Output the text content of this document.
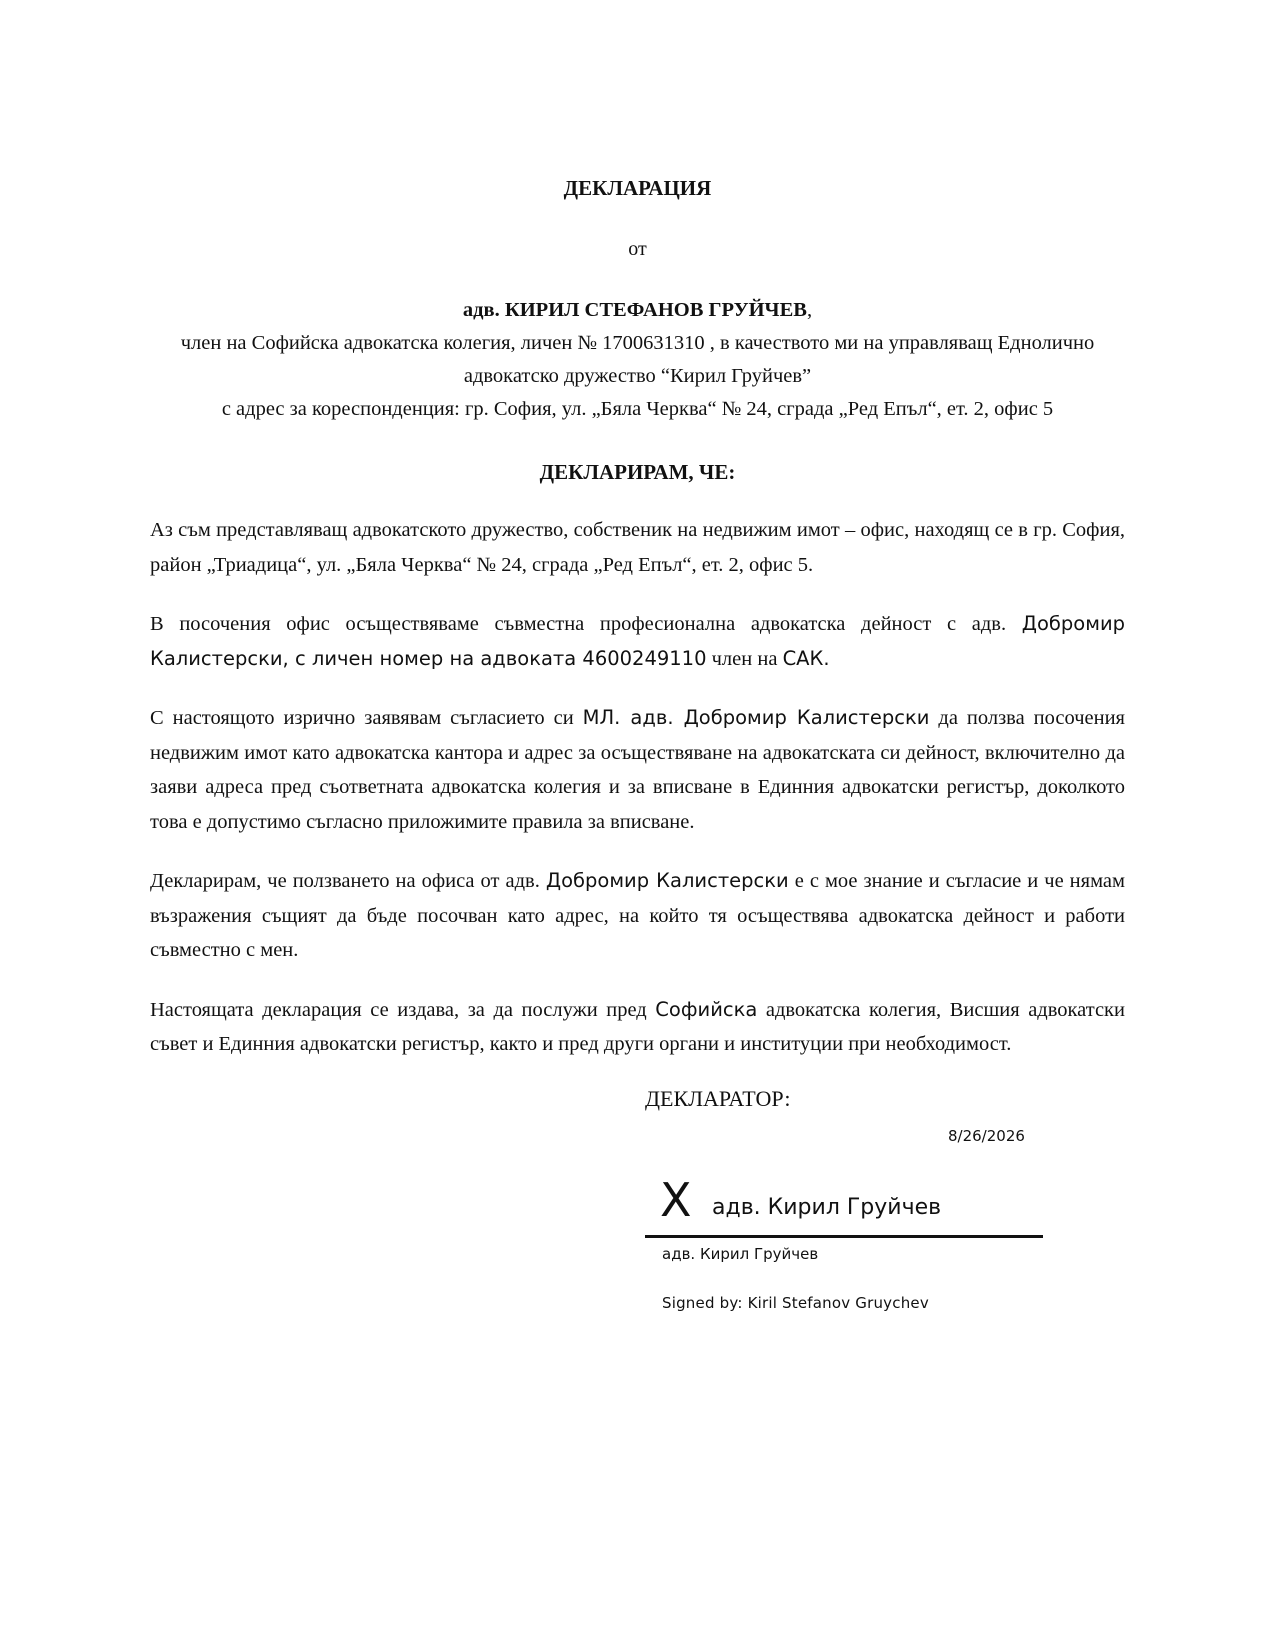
ДЕКЛАРАЦИЯ
от
адв. КИРИЛ СТЕФАНОВ ГРУЙЧЕВ,
член на Софийска адвокатска колегия, личен № 1700631310 , в качеството ми на управляващ Еднолично
адвокатско дружество “Кирил Груйчев”
с адрес за кореспонденция: гр. София, ул. „Бяла Черква“ № 24, сграда „Ред Епъл“, ет. 2, офис 5
ДЕКЛАРИРАМ, ЧЕ:

Аз съм представляващ адвокатското дружество, собственик на недвижим имот – офис, находящ се в гр. София, район „Триадица“, ул. „Бяла Черква“ № 24, сграда „Ред Епъл“, ет. 2, офис 5.

В посочения офис осъществяваме съвместна професионална адвокатска дейност с адв. Добромир Калистерски, с личен номер на адвоката 4600249110 член на САК.

С настоящото изрично заявявам съгласието си МЛ. адв. Добромир Калистерски да ползва посочения недвижим имот като адвокатска кантора и адрес за осъществяване на адвокатската си дейност, включително да заяви адреса пред съответната адвокатска колегия и за вписване в Единния адвокатски регистър, доколкото това е допустимо съгласно приложимите правила за вписване.

Декларирам, че ползването на офиса от адв. Добромир Калистерски е с мое знание и съгласие и че нямам възражения същият да бъде посочван като адрес, на който тя осъществява адвокатска дейност и работи съвместно с мен.

Настоящата декларация се издава, за да послужи пред Софийска адвокатска колегия, Висшия адвокатски съвет и Единния адвокатски регистър, както и пред други органи и институции при необходимост.

ДЕКЛАРАТОР:
8/26/2026
X адв. Кирил Груйчев
адв. Кирил Груйчев
Signed by: Kiril Stefanov Gruychev
